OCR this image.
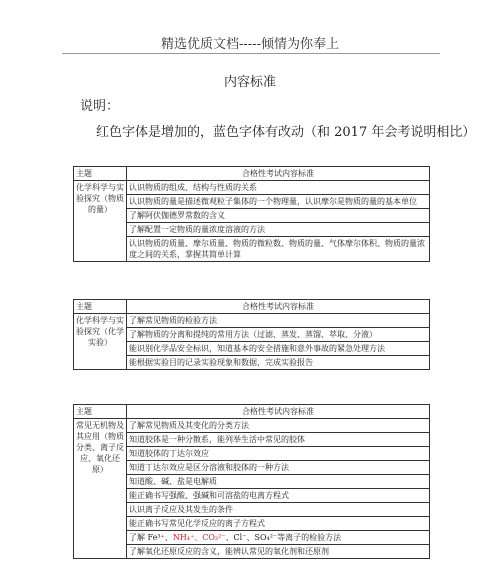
精选优质文档-----倾情为你奉上
内容标准
说明：
红色字体是增加的，蓝色字体有改动（和 2017 年会考说明相比）
主题	合格性考试内容标准
化学科学与实验探究（物质的量）	认识物质的组成、结构与性质的关系
	认识物质的量是描述微观粒子集体的一个物理量，认识摩尔是物质的量的基本单位
	了解阿伏伽德罗常数的含义
	了解配置一定物质的量浓度溶液的方法
	认识物质的质量、摩尔质量、物质的微粒数、物质的量、气体摩尔体积、物质的量浓度之间的关系，掌握其简单计算
主题	合格性考试内容标准
化学科学与实验探究（化学实验）	了解常见物质的检验方法
	了解物质的分离和提纯的常用方法（过滤、蒸发、蒸馏、萃取、分液）
	能识别化学品安全标识，知道基本的安全措施和意外事故的紧急处理方法
	能根据实验目的记录实验现象和数据，完成实验报告
主题	合格性考试内容标准
常见无机物及其应用（物质分类、离子反应、氧化还原）	了解常见物质及其变化的分类方法
	知道胶体是一种分散系，能列举生活中常见的胶体
	知道胶体的丁达尔效应
	知道丁达尔效应是区分溶液和胶体的一种方法
	知道酸、碱、盐是电解质
	能正确书写强酸、强碱和可溶盐的电离方程式
	认识离子反应及其发生的条件
	能正确书写常见化学反应的离子方程式
	了解 Fe³⁺、NH₄⁺、CO₃²⁻、Cl⁻、SO₄²⁻等离子的检验方法
	了解氧化还原反应的含义，能辨认常见的氧化剂和还原剂
